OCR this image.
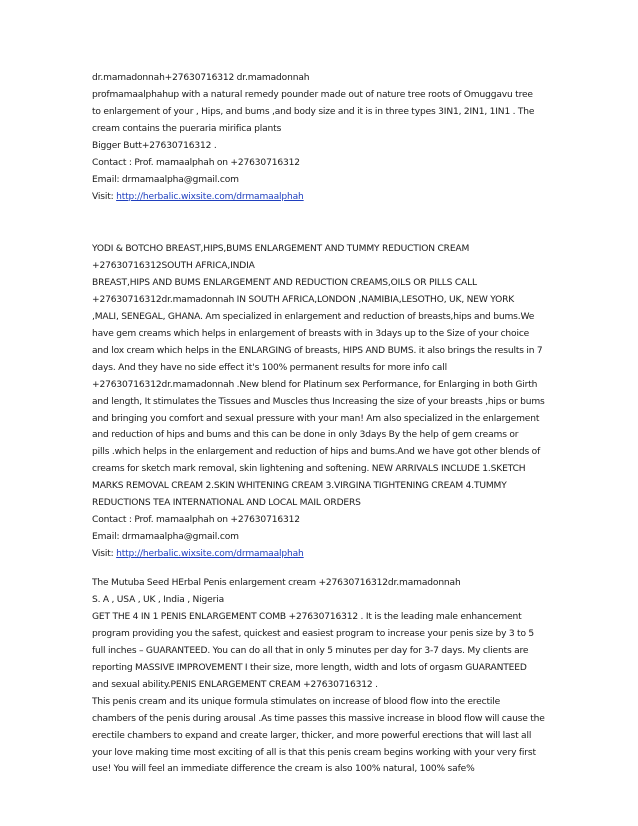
dr.mamadonnah+27630716312 dr.mamadonnah
profmamaalphahup with a natural remedy pounder made out of nature tree roots of Omuggavu tree
to enlargement of your , Hips, and bums ,and body size and it is in three types 3IN1, 2IN1, 1IN1 . The
cream contains the pueraria mirifica plants
Bigger Butt+27630716312 .
Contact : Prof. mamaalphah on +27630716312
Email: drmamaalpha@gmail.com
Visit: http://herbalic.wixsite.com/drmamaalphah
YODI & BOTCHO BREAST,HIPS,BUMS ENLARGEMENT AND TUMMY REDUCTION CREAM
+27630716312SOUTH AFRICA,INDIA
BREAST,HIPS AND BUMS ENLARGEMENT AND REDUCTION CREAMS,OILS OR PILLS CALL
+27630716312dr.mamadonnah IN SOUTH AFRICA,LONDON ,NAMIBIA,LESOTHO, UK, NEW YORK
,MALI, SENEGAL, GHANA. Am specialized in enlargement and reduction of breasts,hips and bums.We
have gem creams which helps in enlargement of breasts with in 3days up to the Size of your choice
and lox cream which helps in the ENLARGING of breasts, HIPS AND BUMS. it also brings the results in 7
days. And they have no side effect it's 100% permanent results for more info call
+27630716312dr.mamadonnah .New blend for Platinum sex Performance, for Enlarging in both Girth
and length, It stimulates the Tissues and Muscles thus Increasing the size of your breasts ,hips or bums
and bringing you comfort and sexual pressure with your man! Am also specialized in the enlargement
and reduction of hips and bums and this can be done in only 3days By the help of gem creams or
pills .which helps in the enlargement and reduction of hips and bums.And we have got other blends of
creams for sketch mark removal, skin lightening and softening. NEW ARRIVALS INCLUDE 1.SKETCH
MARKS REMOVAL CREAM 2.SKIN WHITENING CREAM 3.VIRGINA TIGHTENING CREAM 4.TUMMY
REDUCTIONS TEA INTERNATIONAL AND LOCAL MAIL ORDERS
Contact : Prof. mamaalphah on +27630716312
Email: drmamaalpha@gmail.com
Visit: http://herbalic.wixsite.com/drmamaalphah
The Mutuba Seed HErbal Penis enlargement cream +27630716312dr.mamadonnah
S. A , USA , UK , India , Nigeria
GET THE 4 IN 1 PENIS ENLARGEMENT COMB +27630716312 . It is the leading male enhancement
program providing you the safest, quickest and easiest program to increase your penis size by 3 to 5
full inches – GUARANTEED. You can do all that in only 5 minutes per day for 3-7 days. My clients are
reporting MASSIVE IMPROVEMENT I their size, more length, width and lots of orgasm GUARANTEED
and sexual ability.PENIS ENLARGEMENT CREAM +27630716312 .
This penis cream and its unique formula stimulates on increase of blood flow into the erectile
chambers of the penis during arousal .As time passes this massive increase in blood flow will cause the
erectile chambers to expand and create larger, thicker, and more powerful erections that will last all
your love making time most exciting of all is that this penis cream begins working with your very first
use! You will feel an immediate difference the cream is also 100% natural, 100% safe%
